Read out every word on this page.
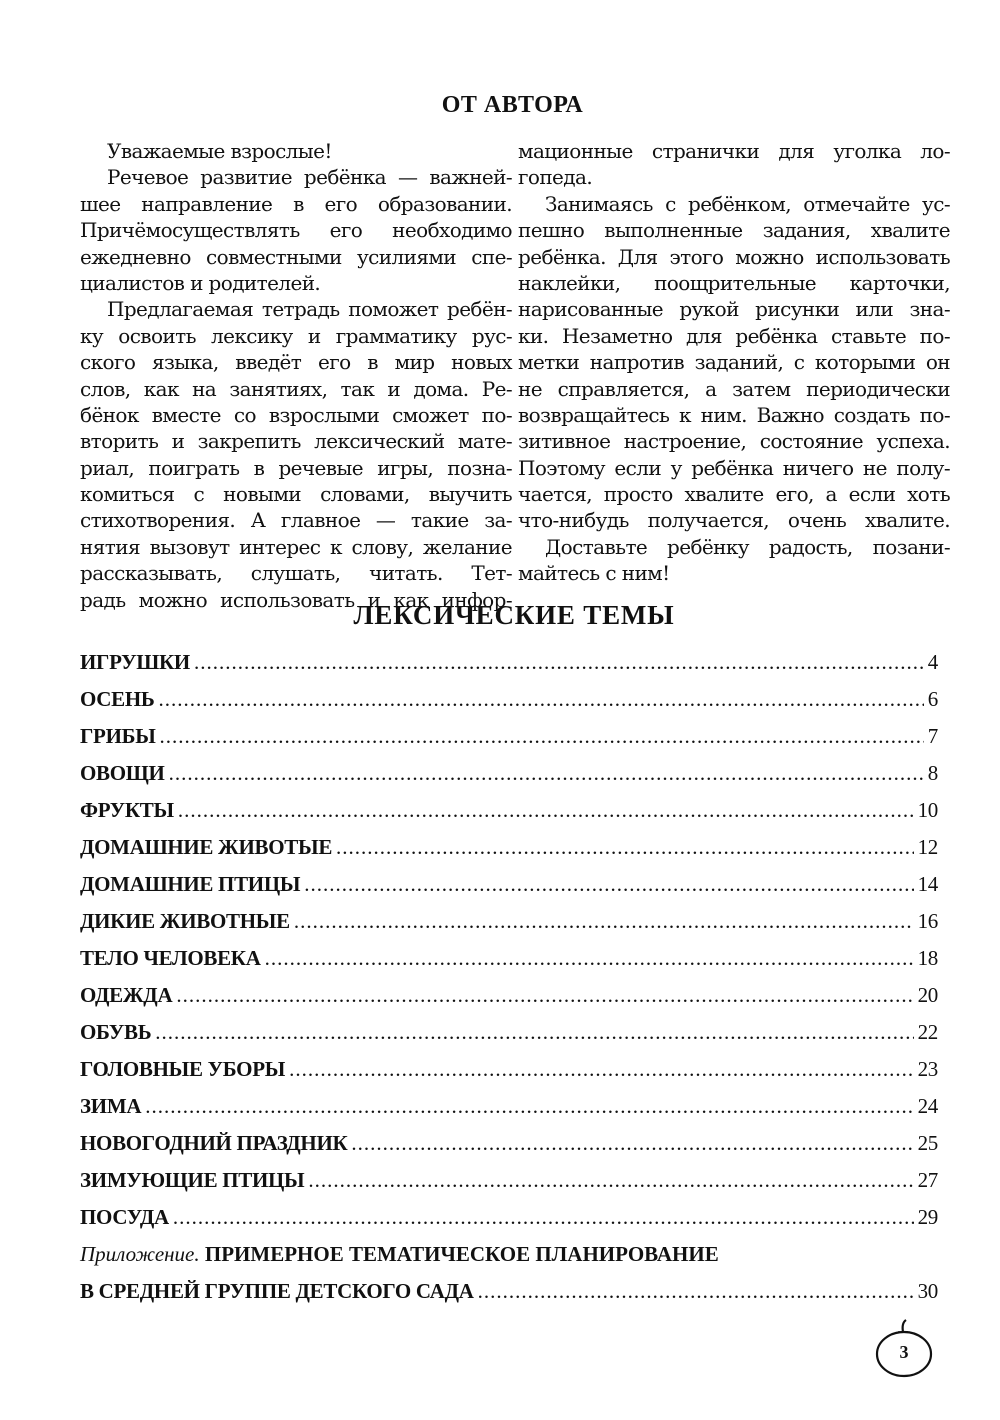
ОТ АВТОРА
Уважаемые взрослые!
Речевое развитие ребёнка — важней-
шее направление в его образовании.
Причёмосуществлять его необходимо
ежедневно совместными усилиями спе-
циалистов и родителей.
Предлагаемая тетрадь поможет ребён-
ку освоить лексику и грамматику рус-
ского языка, введёт его в мир новых
слов, как на занятиях, так и дома. Ре-
бёнок вместе со взрослыми сможет по-
вторить и закрепить лексический мате-
риал, поиграть в речевые игры, позна-
комиться с новыми словами, выучить
стихотворения. А главное — такие за-
нятия вызовут интерес к слову, желание
рассказывать, слушать, читать. Тет-
радь можно использовать и как инфор-
мационные странички для уголка ло-
гопеда.
Занимаясь с ребёнком, отмечайте ус-
пешно выполненные задания, хвалите
ребёнка. Для этого можно использовать
наклейки, поощрительные карточки,
нарисованные рукой рисунки или зна-
ки. Незаметно для ребёнка ставьте по-
метки напротив заданий, с которыми он
не справляется, а затем периодически
возвращайтесь к ним. Важно создать по-
зитивное настроение, состояние успеха.
Поэтому если у ребёнка ничего не полу-
чается, просто хвалите его, а если хоть
что-нибудь получается, очень хвалите.
Доставьте ребёнку радость, позани-
майтесь с ним!
ЛЕКСИЧЕСКИЕ ТЕМЫ
ИГРУШКИ .....	4
ОСЕНЬ .....	6
ГРИБЫ .....	7
ОВОЩИ .....	8
ФРУКТЫ .....	10
ДОМАШНИЕ ЖИВОТЫЕ .....	12
ДОМАШНИЕ ПТИЦЫ .....	14
ДИКИЕ ЖИВОТНЫЕ .....	16
ТЕЛО ЧЕЛОВЕКА .....	18
ОДЕЖДА .....	20
ОБУВЬ .....	22
ГОЛОВНЫЕ УБОРЫ .....	23
ЗИМА .....	24
НОВОГОДНИЙ ПРАЗДНИК .....	25
ЗИМУЮЩИЕ ПТИЦЫ .....	27
ПОСУДА .....	29
Приложение. ПРИМЕРНОЕ ТЕМАТИЧЕСКОЕ ПЛАНИРОВАНИЕ
В СРЕДНЕЙ ГРУППЕ ДЕТСКОГО САДА .....	30
3
